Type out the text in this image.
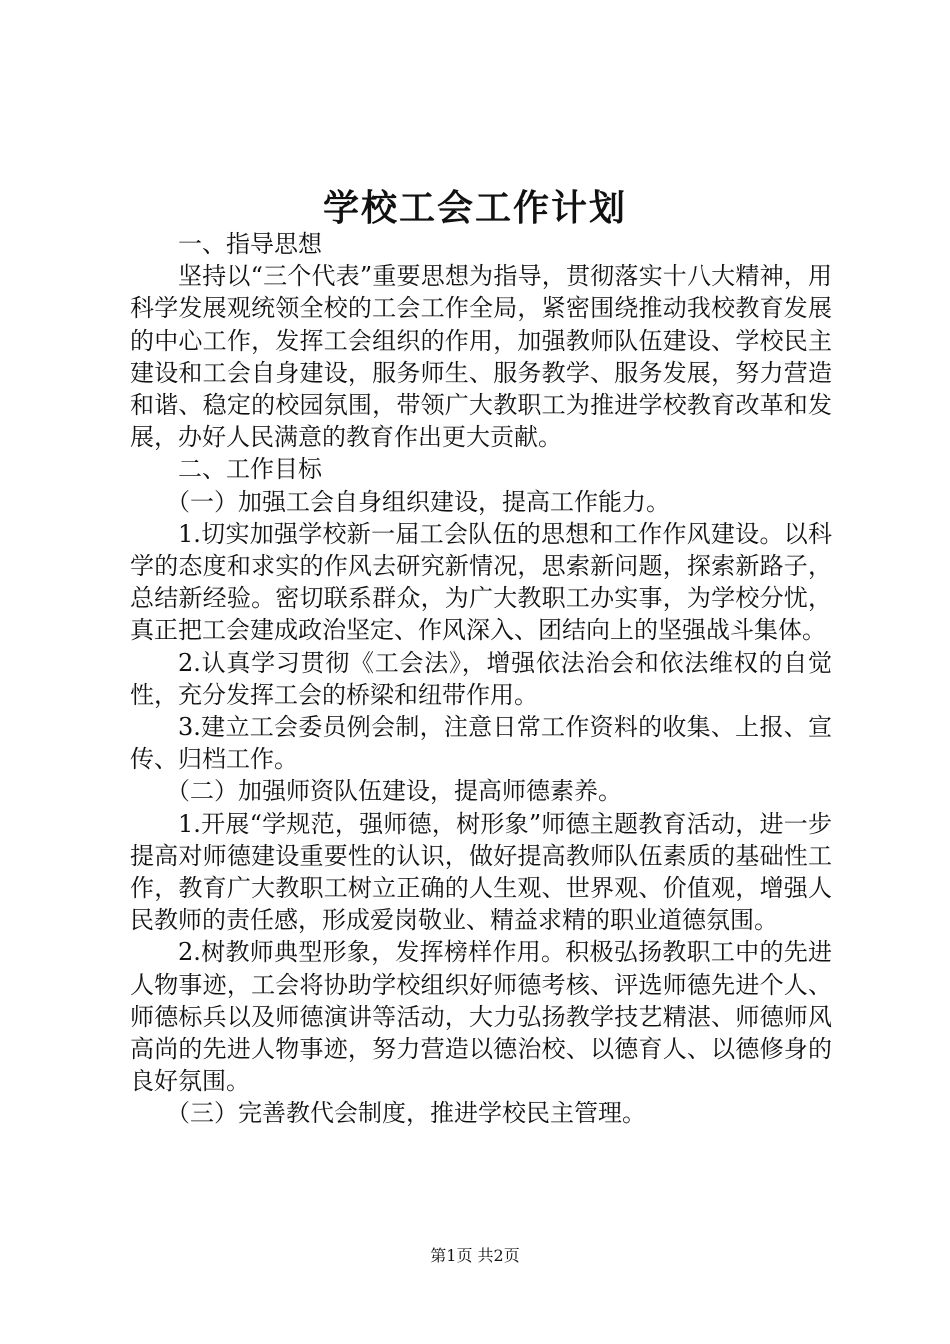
学校工会工作计划

一、指导思想

坚持以“三个代表”重要思想为指导，贯彻落实十八大精神，用科学发展观统领全校的工会工作全局，紧密围绕推动我校教育发展的中心工作，发挥工会组织的作用，加强教师队伍建设、学校民主建设和工会自身建设，服务师生、服务教学、服务发展，努力营造和谐、稳定的校园氛围，带领广大教职工为推进学校教育改革和发展，办好人民满意的教育作出更大贡献。

二、工作目标

（一）加强工会自身组织建设，提高工作能力。

1.切实加强学校新一届工会队伍的思想和工作作风建设。以科学的态度和求实的作风去研究新情况，思索新问题，探索新路子，总结新经验。密切联系群众，为广大教职工办实事，为学校分忧，真正把工会建成政治坚定、作风深入、团结向上的坚强战斗集体。

2.认真学习贯彻《工会法》，增强依法治会和依法维权的自觉性，充分发挥工会的桥梁和纽带作用。

3.建立工会委员例会制，注意日常工作资料的收集、上报、宣传、归档工作。

（二）加强师资队伍建设，提高师德素养。

1.开展“学规范，强师德，树形象”师德主题教育活动，进一步提高对师德建设重要性的认识，做好提高教师队伍素质的基础性工作，教育广大教职工树立正确的人生观、世界观、价值观，增强人民教师的责任感，形成爱岗敬业、精益求精的职业道德氛围。

2.树教师典型形象，发挥榜样作用。积极弘扬教职工中的先进人物事迹，工会将协助学校组织好师德考核、评选师德先进个人、师德标兵以及师德演讲等活动，大力弘扬教学技艺精湛、师德师风高尚的先进人物事迹，努力营造以德治校、以德育人、以德修身的良好氛围。

（三）完善教代会制度，推进学校民主管理。

第1页 共2页
